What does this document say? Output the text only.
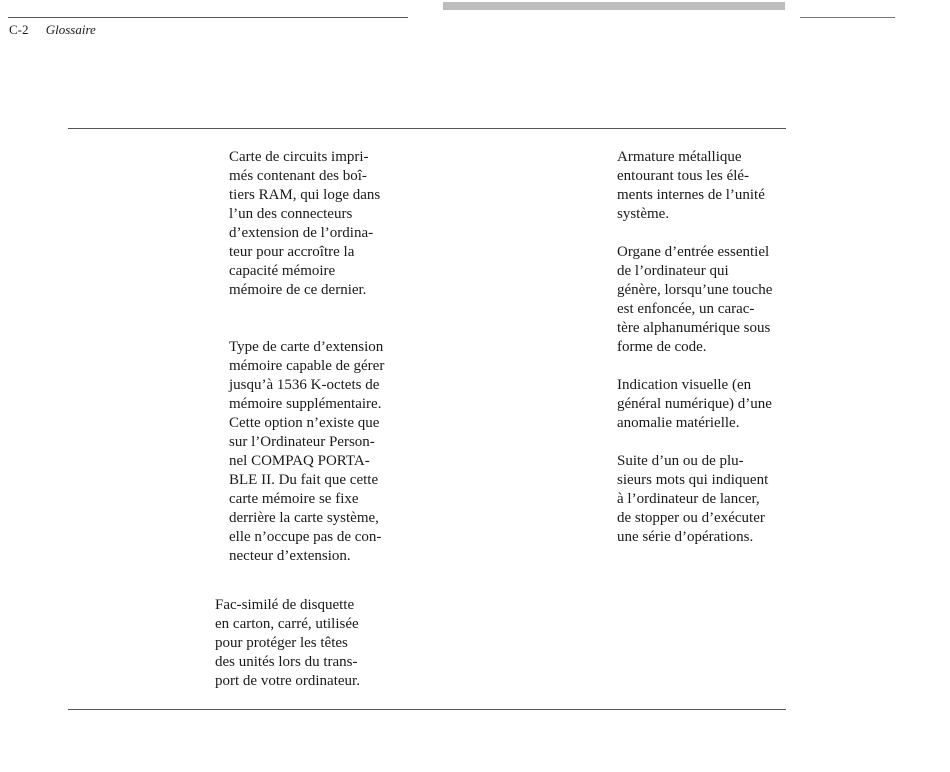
C-2 Glossaire
Carte de circuits impri-
més contenant des boî-
tiers RAM, qui loge dans
l’un des connecteurs
d’extension de l’ordina-
teur pour accroître la
capacité mémoire
mémoire de ce dernier.
Type de carte d’extension
mémoire capable de gérer
jusqu’à 1536 K-octets de
mémoire supplémentaire.
Cette option n’existe que
sur l’Ordinateur Person-
nel COMPAQ PORTA-
BLE II. Du fait que cette
carte mémoire se fixe
derrière la carte système,
elle n’occupe pas de con-
necteur d’extension.
Fac-similé de disquette
en carton, carré, utilisée
pour protéger les têtes
des unités lors du trans-
port de votre ordinateur.
Armature métallique
entourant tous les élé-
ments internes de l’unité
système.
Organe d’entrée essentiel
de l’ordinateur qui
génère, lorsqu’une touche
est enfoncée, un carac-
tère alphanumérique sous
forme de code.
Indication visuelle (en
général numérique) d’une
anomalie matérielle.
Suite d’un ou de plu-
sieurs mots qui indiquent
à l’ordinateur de lancer,
de stopper ou d’exécuter
une série d’opérations.
